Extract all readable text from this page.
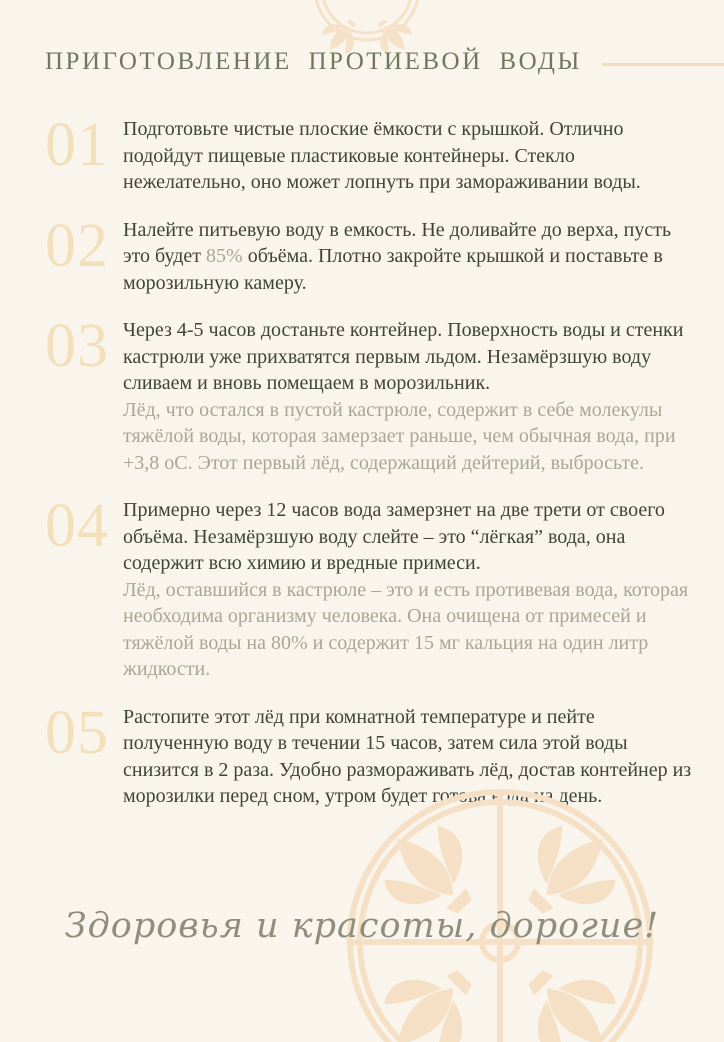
ПРИГОТОВЛЕНИЕ ПРОТИЕВОЙ ВОДЫ
01 Подготовьте чистые плоские ёмкости с крышкой. Отлично подойдут пищевые пластиковые контейнеры. Стекло нежелательно, оно может лопнуть при замораживании воды.
02 Налейте питьевую воду в емкость. Не доливайте до верха, пусть это будет 85% объёма. Плотно закройте крышкой и поставьте в морозильную камеру.
03 Через 4-5 часов достаньте контейнер. Поверхность воды и стенки кастрюли уже прихватятся первым льдом. Незамёрзшую воду сливаем и вновь помещаем в морозильник.
Лёд, что остался в пустой кастрюле, содержит в себе молекулы тяжёлой воды, которая замерзает раньше, чем обычная вода, при +3,8 оС. Этот первый лёд, содержащий дейтерий, выбросьте.
04 Примерно через 12 часов вода замерзнет на две трети от своего объёма. Незамёрзшую воду слейте – это “лёгкая” вода, она содержит всю химию и вредные примеси.
Лёд, оставшийся в кастрюле – это и есть противевая вода, которая необходима организму человека. Она очищена от примесей и тяжёлой воды на 80% и содержит 15 мг кальция на один литр жидкости.
05 Растопите этот лёд при комнатной температуре и пейте полученную воду в течении 15 часов, затем сила этой воды снизится в 2 раза. Удобно размораживать лёд, достав контейнер из морозилки перед сном, утром будет готова вода на день.
Здоровья и красоты, дорогие!
